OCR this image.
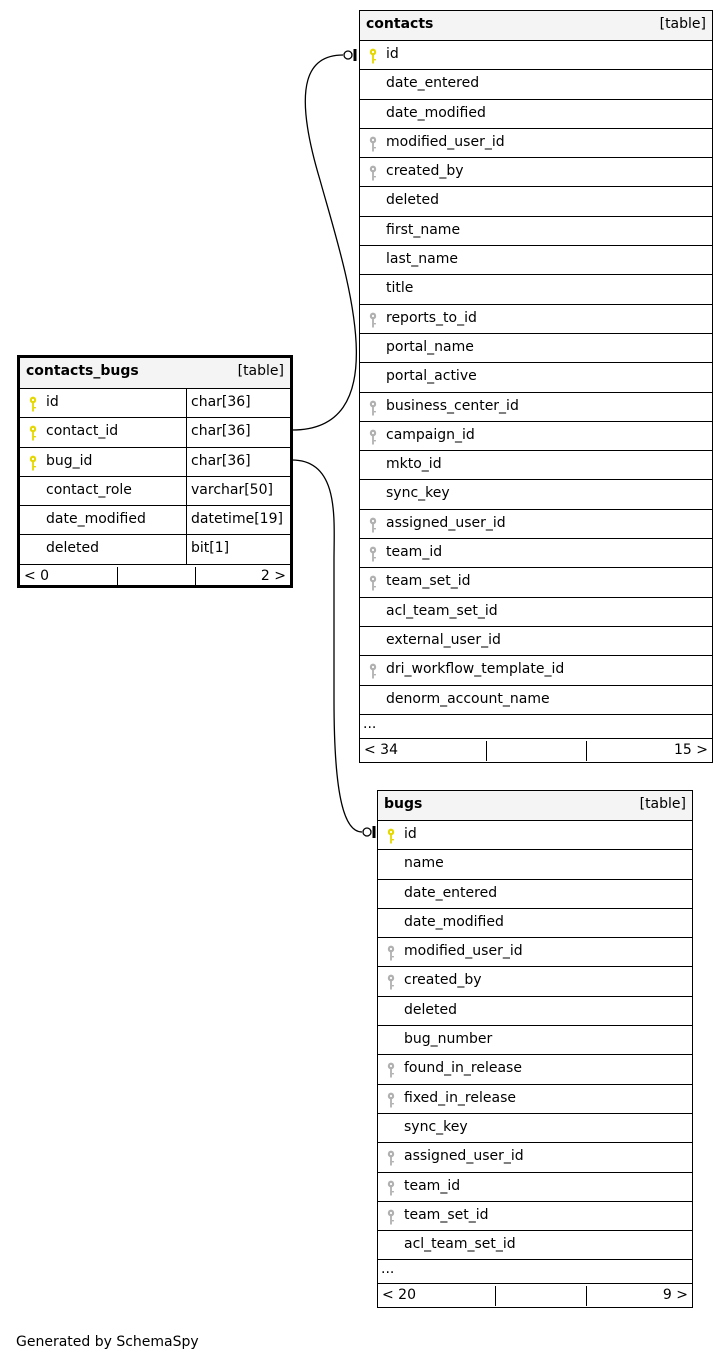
contacts	[table]
id
date_entered
date_modified
modified_user_id
created_by
deleted
first_name
last_name
title
reports_to_id
portal_name
portal_active
business_center_id
campaign_id
mkto_id
sync_key
assigned_user_id
team_id
team_set_id
acl_team_set_id
external_user_id
dri_workflow_template_id
denorm_account_name
...
< 34	15 >
contacts_bugs	[table]
id	char[36]
contact_id	char[36]
bug_id	char[36]
contact_role	varchar[50]
date_modified	datetime[19]
deleted	bit[1]
< 0	2 >
bugs	[table]
id
name
date_entered
date_modified
modified_user_id
created_by
deleted
bug_number
found_in_release
fixed_in_release
sync_key
assigned_user_id
team_id
team_set_id
acl_team_set_id
...
< 20	9 >
Generated by SchemaSpy
